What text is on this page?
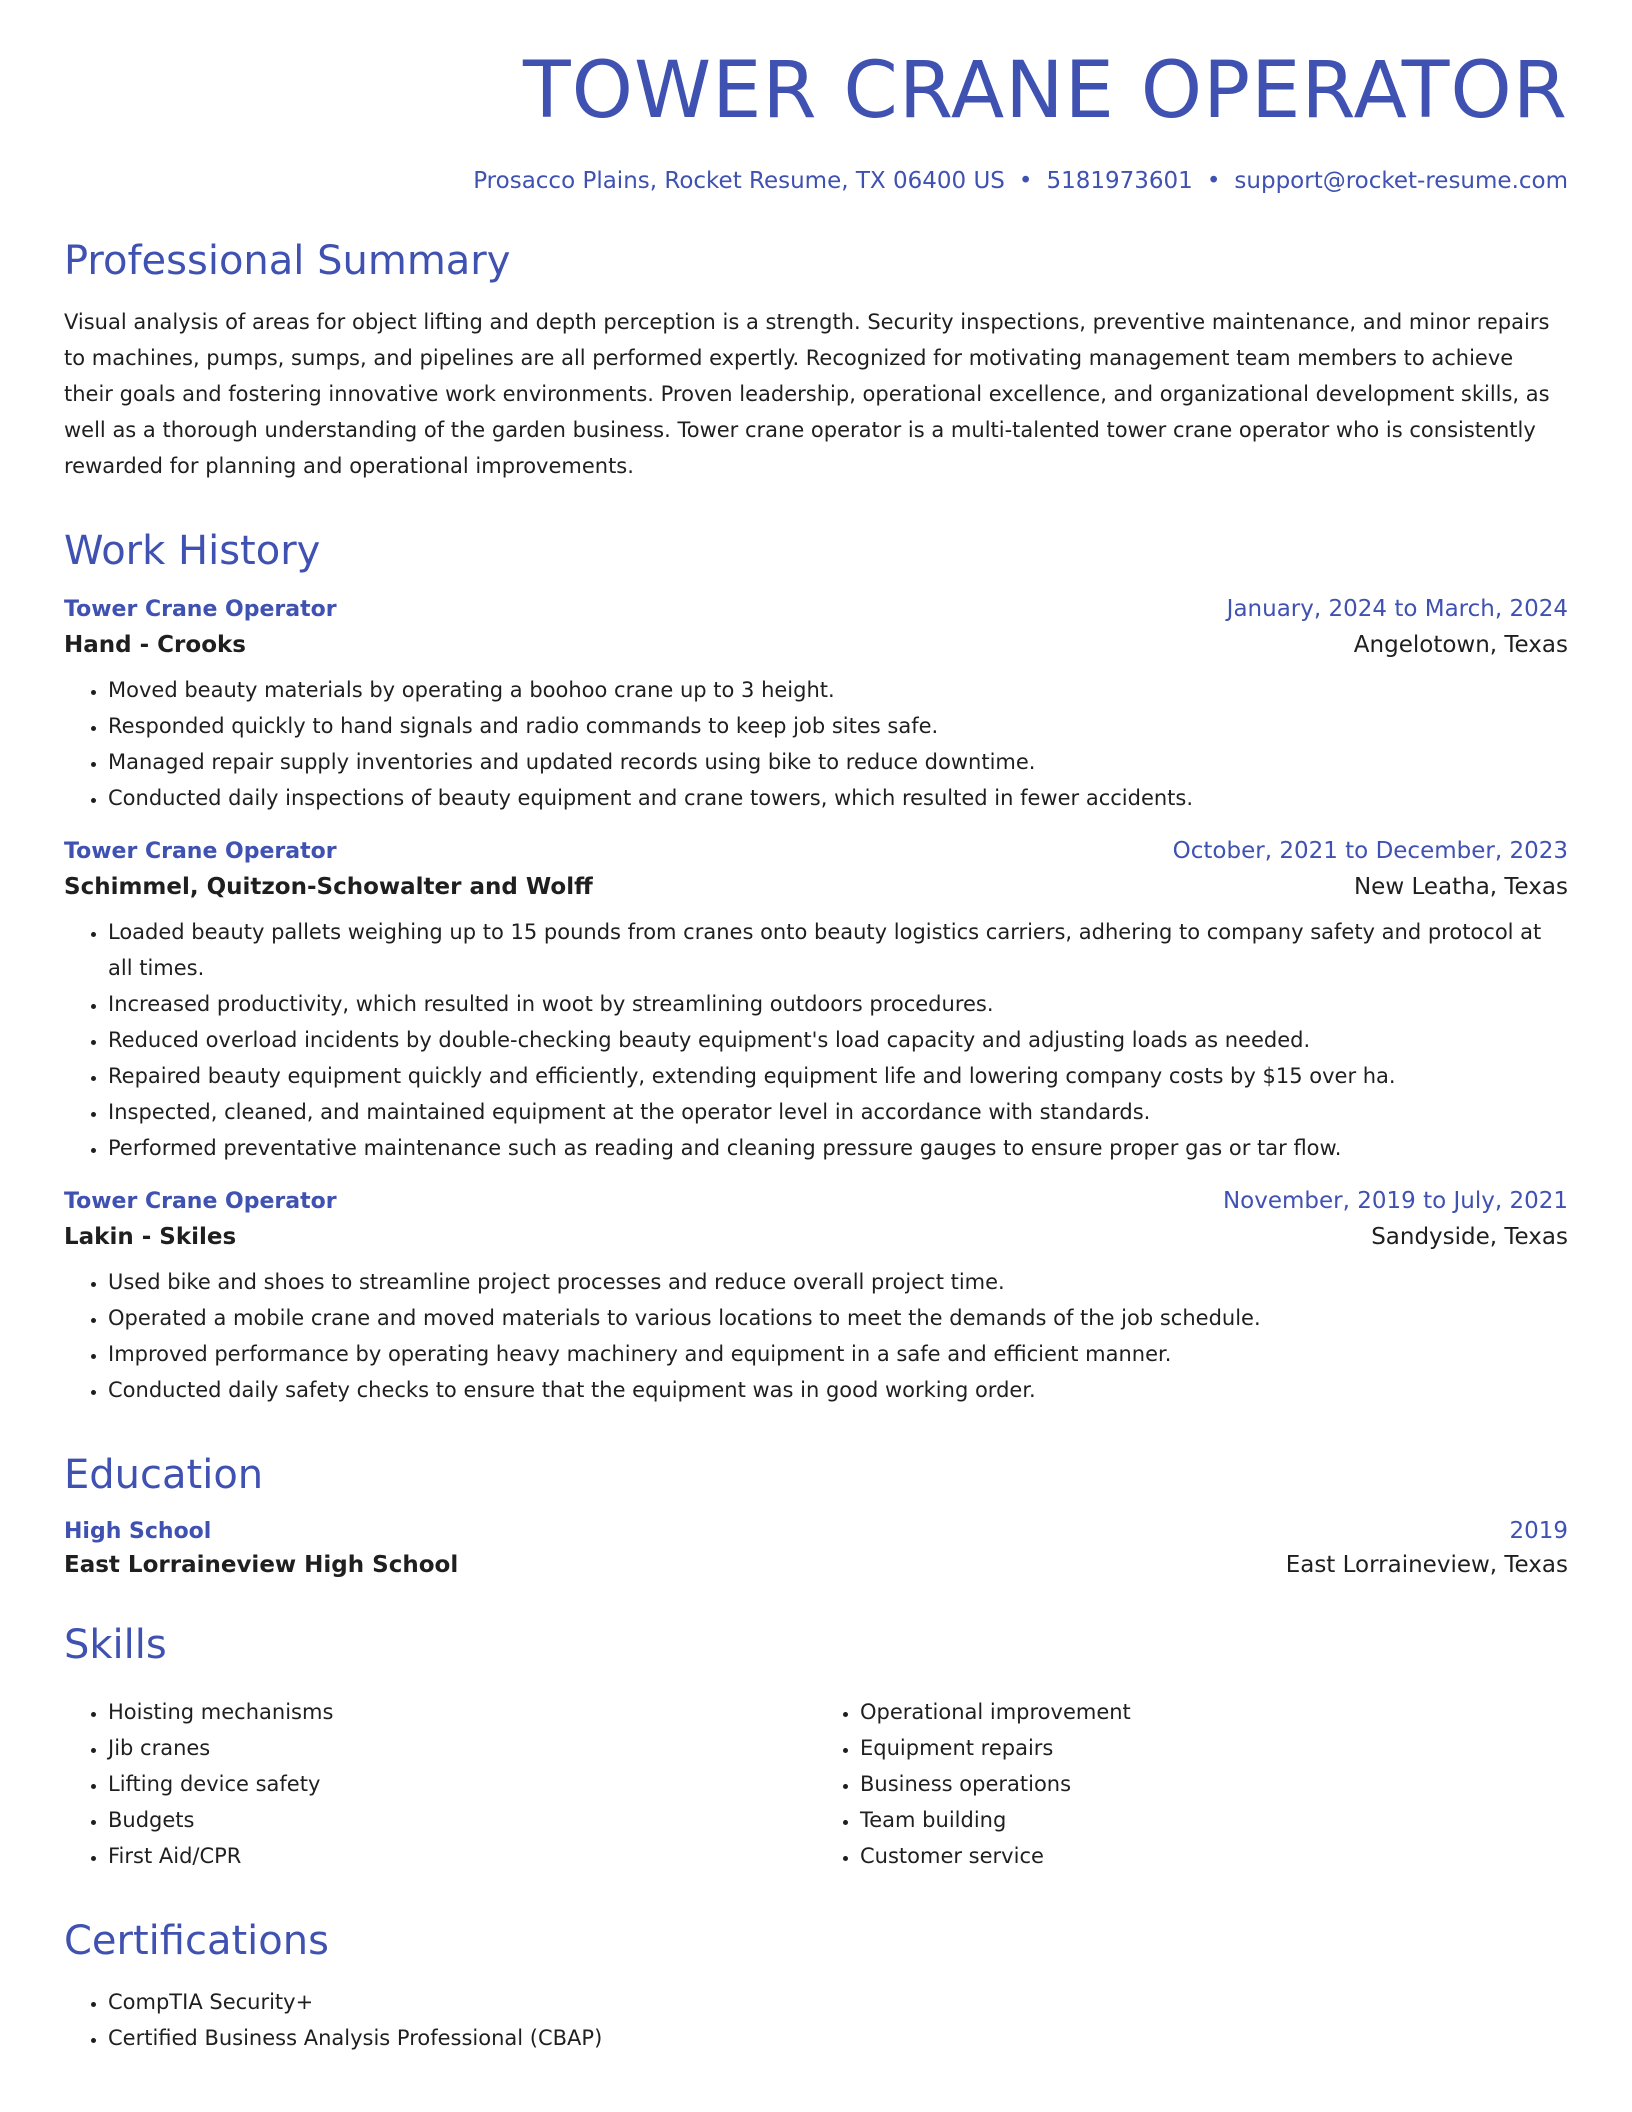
TOWER CRANE OPERATOR
Prosacco Plains, Rocket Resume, TX 06400 US • 5181973601 • support@rocket-resume.com
Professional Summary

Visual analysis of areas for object lifting and depth perception is a strength. Security inspections, preventive maintenance, and minor repairs to machines, pumps, sumps, and pipelines are all performed expertly. Recognized for motivating management team members to achieve their goals and fostering innovative work environments. Proven leadership, operational excellence, and organizational development skills, as well as a thorough understanding of the garden business. Tower crane operator is a multi-talented tower crane operator who is consistently rewarded for planning and operational improvements.

Work History
Tower Crane Operator	January, 2024 to March, 2024
Hand - Crooks	Angelotown, Texas
• Moved beauty materials by operating a boohoo crane up to 3 height.
• Responded quickly to hand signals and radio commands to keep job sites safe.
• Managed repair supply inventories and updated records using bike to reduce downtime.
• Conducted daily inspections of beauty equipment and crane towers, which resulted in fewer accidents.
Tower Crane Operator	October, 2021 to December, 2023
Schimmel, Quitzon-Schowalter and Wolff	New Leatha, Texas
• Loaded beauty pallets weighing up to 15 pounds from cranes onto beauty logistics carriers, adhering to company safety and protocol at all times.
• Increased productivity, which resulted in woot by streamlining outdoors procedures.
• Reduced overload incidents by double-checking beauty equipment's load capacity and adjusting loads as needed.
• Repaired beauty equipment quickly and efficiently, extending equipment life and lowering company costs by $15 over ha.
• Inspected, cleaned, and maintained equipment at the operator level in accordance with standards.
• Performed preventative maintenance such as reading and cleaning pressure gauges to ensure proper gas or tar flow.
Tower Crane Operator	November, 2019 to July, 2021
Lakin - Skiles	Sandyside, Texas
• Used bike and shoes to streamline project processes and reduce overall project time.
• Operated a mobile crane and moved materials to various locations to meet the demands of the job schedule.
• Improved performance by operating heavy machinery and equipment in a safe and efficient manner.
• Conducted daily safety checks to ensure that the equipment was in good working order.
Education
High School	2019
East Lorraineview High School	East Lorraineview, Texas
Skills
• Hoisting mechanisms
• Jib cranes
• Lifting device safety
• Budgets
• First Aid/CPR
• Operational improvement
• Equipment repairs
• Business operations
• Team building
• Customer service
Certifications
• CompTIA Security+
• Certified Business Analysis Professional (CBAP)
